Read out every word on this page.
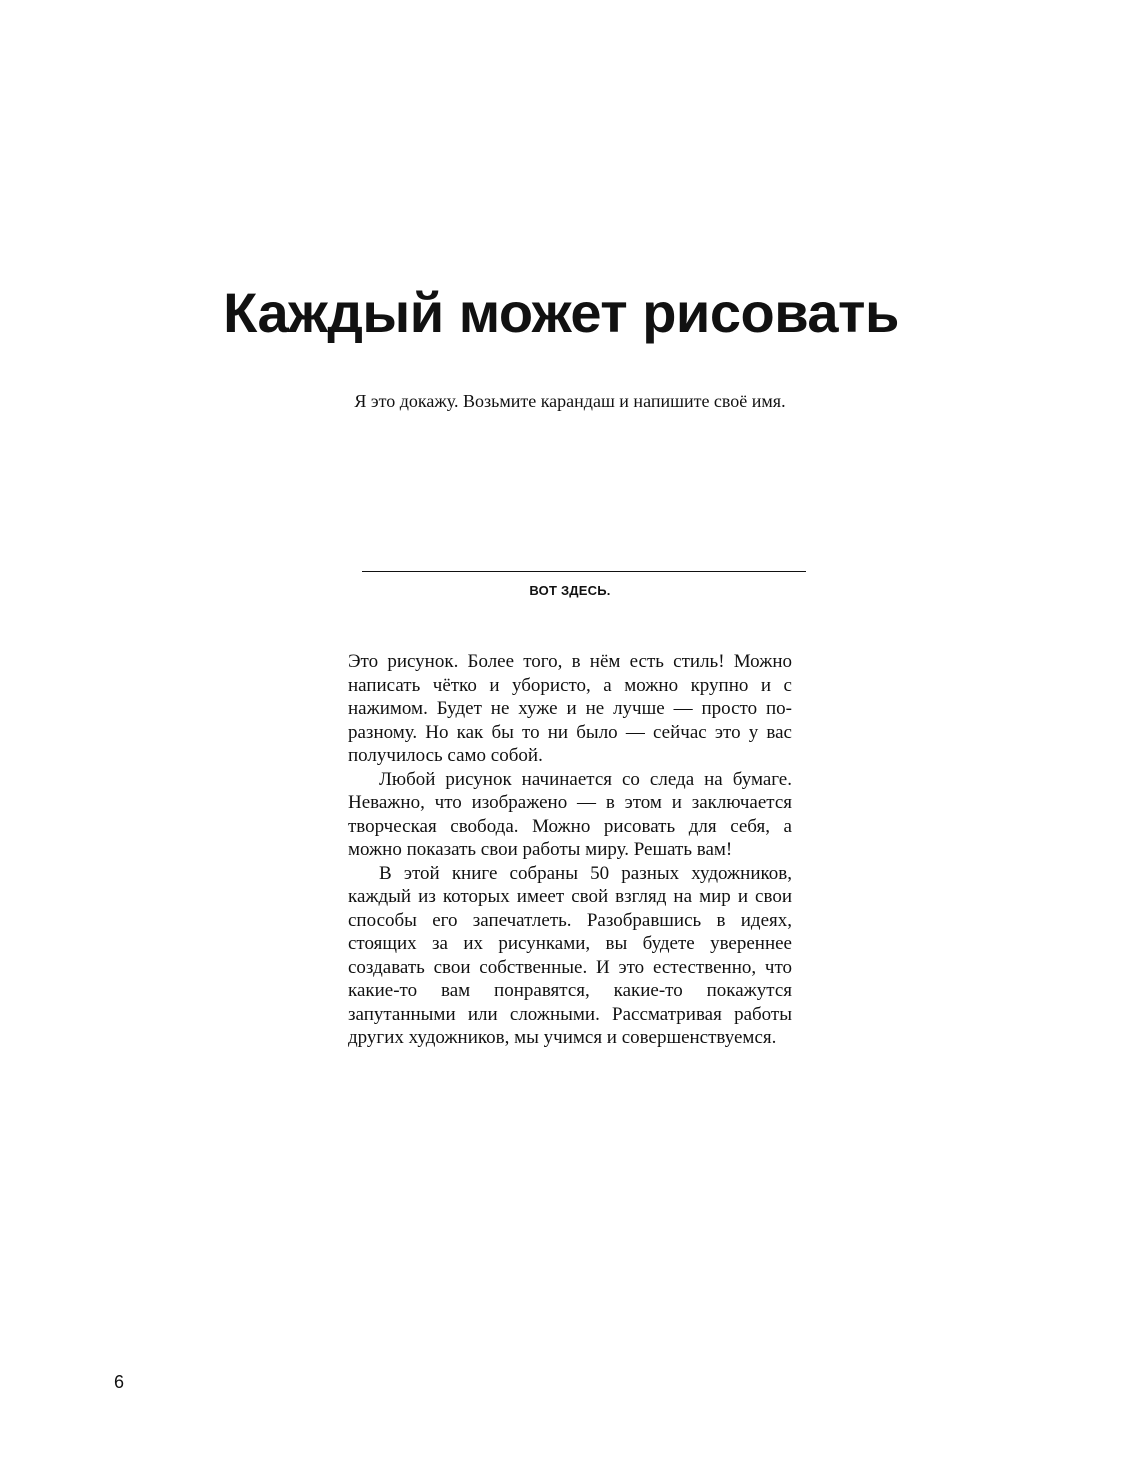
Каждый может рисовать

Я это докажу. Возьмите карандаш и напишите своё имя.

ВОТ ЗДЕСЬ.

Это рисунок. Более того, в нём есть стиль! Можно написать чётко и убористо, а можно крупно и с нажимом. Будет не хуже и не лучше — просто по-разному. Но как бы то ни было — сейчас это у вас получилось само собой.

Любой рисунок начинается со следа на бумаге. Неважно, что изображено — в этом и заключается творческая свобода. Можно рисовать для себя, а можно показать свои работы миру. Решать вам!

В этой книге собраны 50 разных художников, каждый из которых имеет свой взгляд на мир и свои способы его запечатлеть. Разобравшись в идеях, стоящих за их рисунками, вы будете увереннее создавать свои собственные. И это естественно, что какие-то вам понравятся, какие-то покажутся запутанными или сложными. Рассматривая работы других художников, мы учимся и совершенствуемся.

6
